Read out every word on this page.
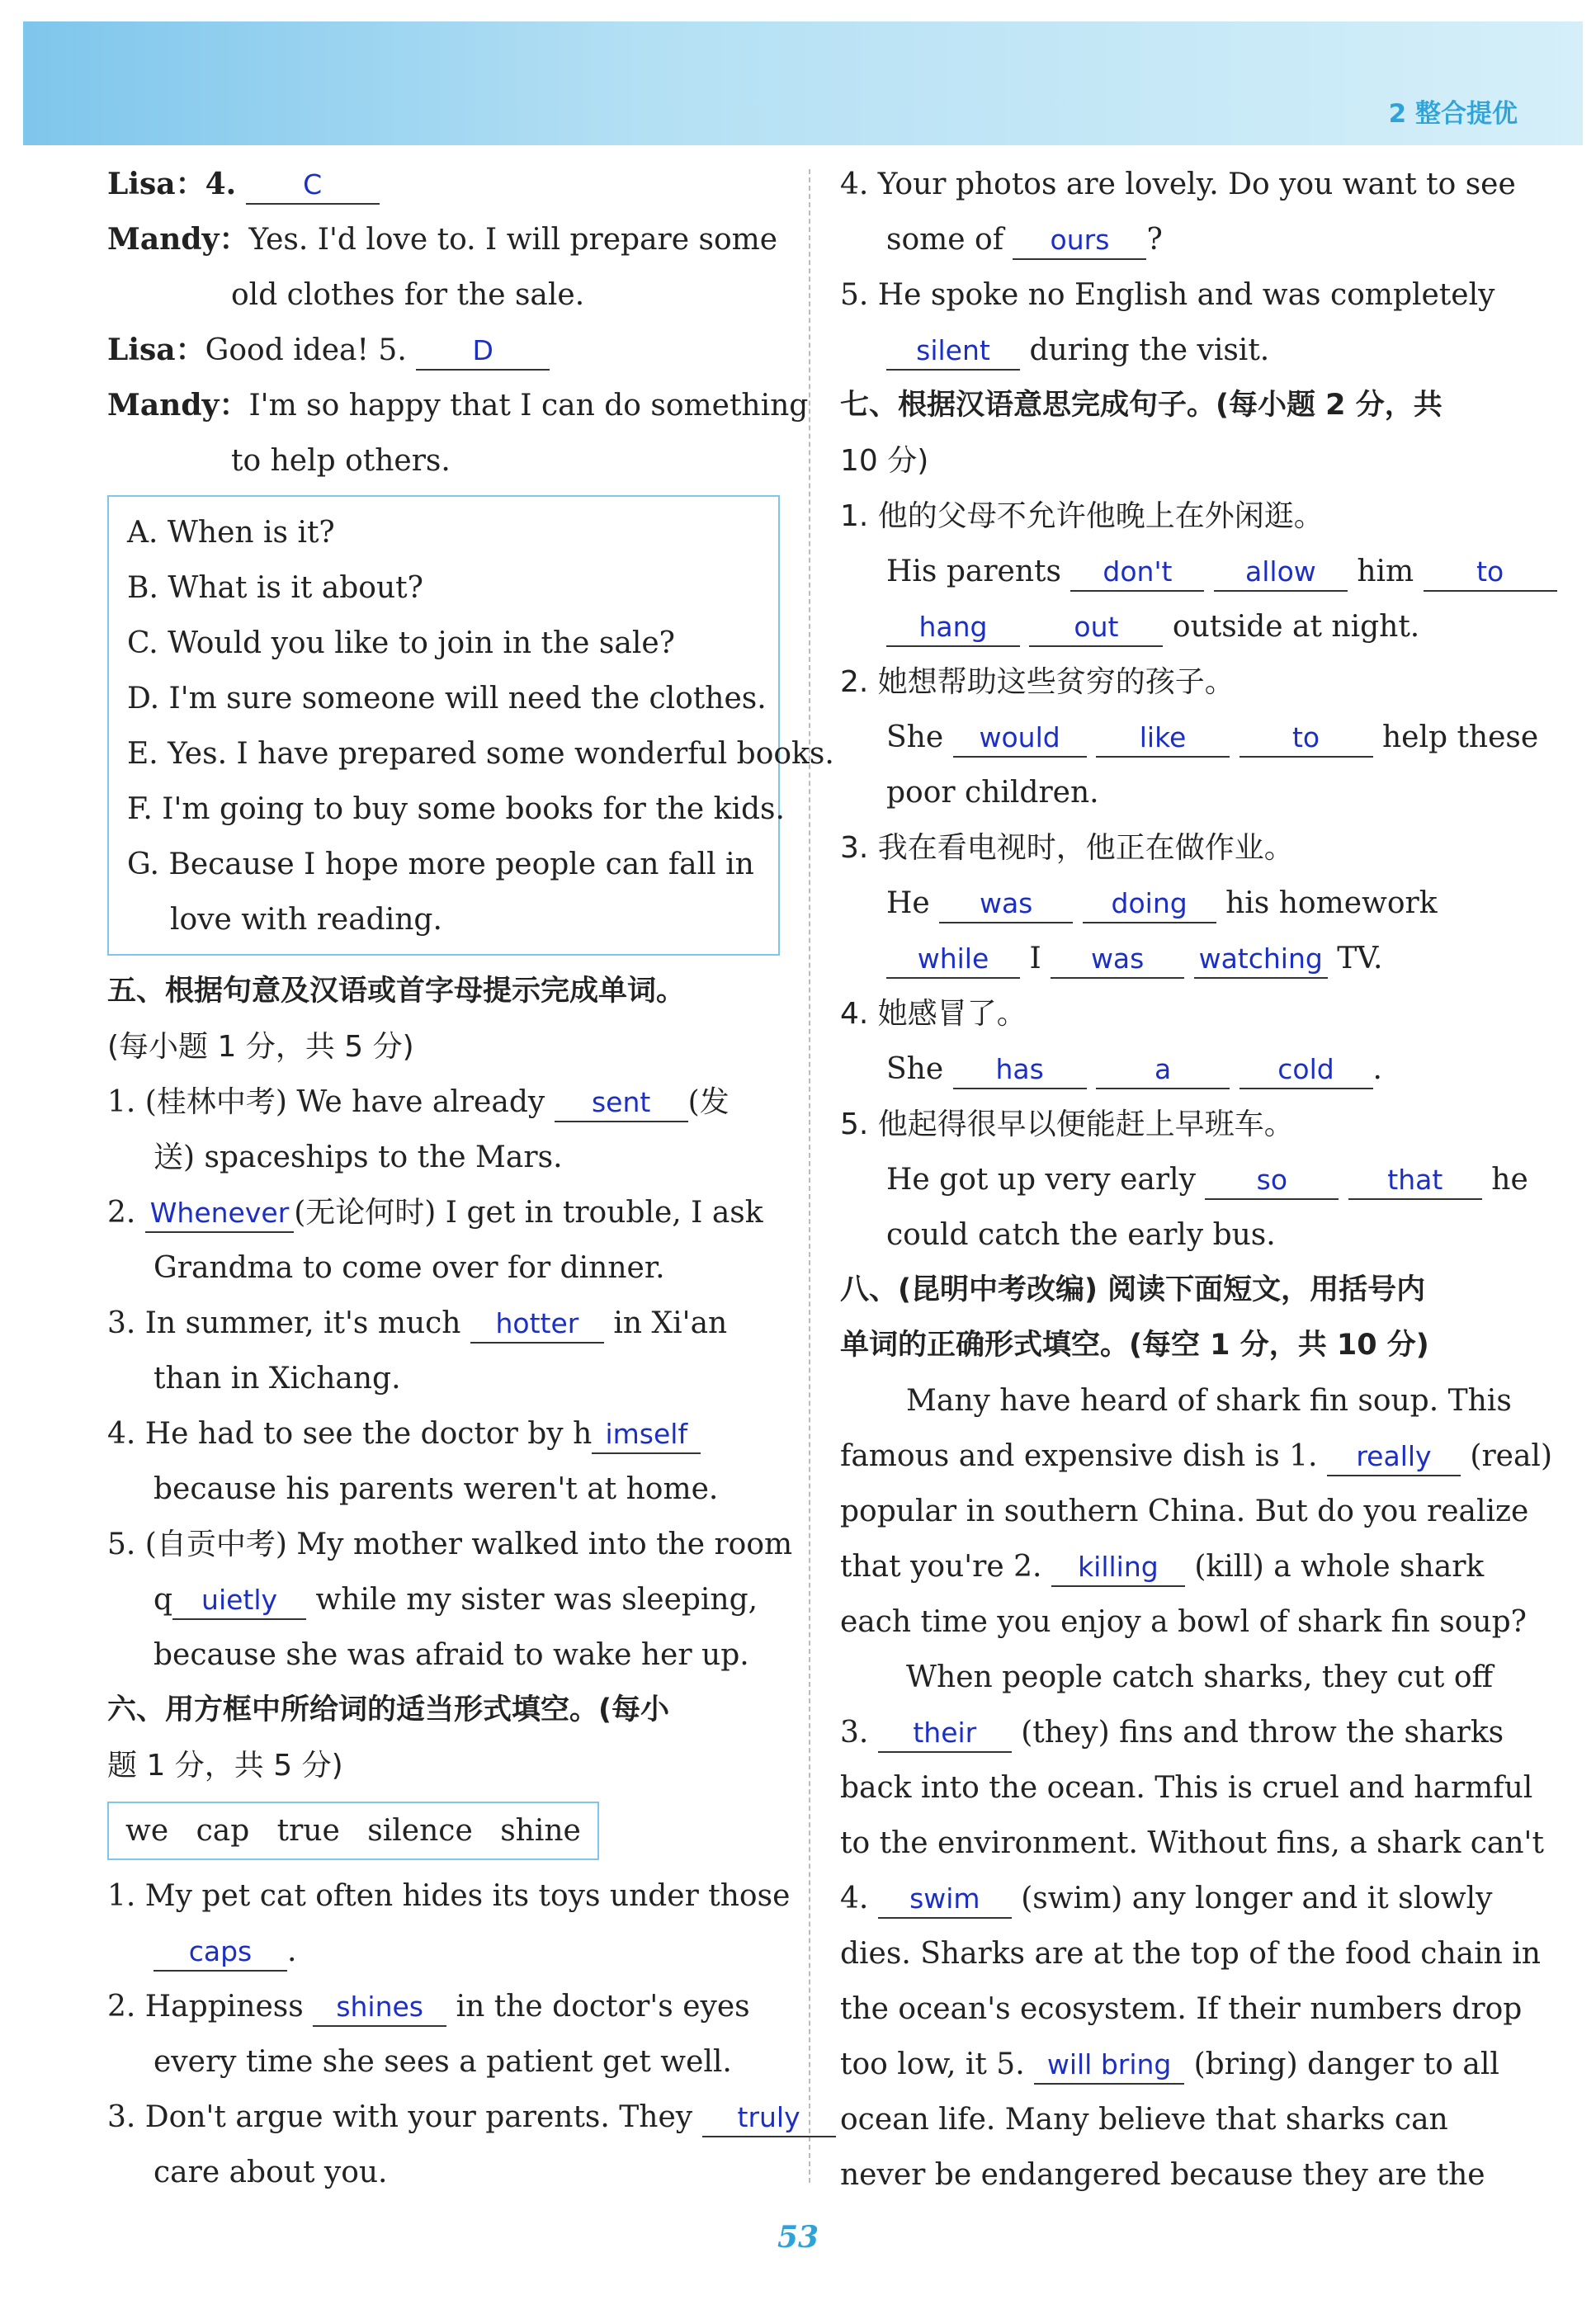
2 整合提优
Lisa：4. C
Mandy：Yes. I'd love to. I will prepare some
old clothes for the sale.
Lisa：Good idea! 5. D
Mandy：I'm so happy that I can do something
to help others.
A. When is it?
B. What is it about?
C. Would you like to join in the sale?
D. I'm sure someone will need the clothes.
E. Yes. I have prepared some wonderful books.
F. I'm going to buy some books for the kids.
G. Because I hope more people can fall in
love with reading.
五、根据句意及汉语或首字母提示完成单词。
(每小题 1 分，共 5 分)
1. (桂林中考) We have already sent (发
送) spaceships to the Mars.
2. Whenever (无论何时) I get in trouble, I ask
Grandma to come over for dinner.
3. In summer, it's much hotter in Xi'an
than in Xichang.
4. He had to see the doctor by h imself
because his parents weren't at home.
5. (自贡中考) My mother walked into the room
q uietly while my sister was sleeping,
because she was afraid to wake her up.
六、用方框中所给词的适当形式填空。(每小
题 1 分，共 5 分)
we cap true silence shine
1. My pet cat often hides its toys under those
caps .
2. Happiness shines in the doctor's eyes
every time she sees a patient get well.
3. Don't argue with your parents. They truly
care about you.
4. Your photos are lovely. Do you want to see
some of ours ?
5. He spoke no English and was completely
silent during the visit.
七、根据汉语意思完成句子。(每小题 2 分，共
10 分)
1. 他的父母不允许他晚上在外闲逛。
His parents don't	allow him to
hang	out outside at night.
2. 她想帮助这些贫穷的孩子。
She would	like	to help these
poor children.
3. 我在看电视时，他正在做作业。
He was	doing his homework
while I was watching TV.
4. 她感冒了。
She has	a	cold .
5. 他起得很早以便能赶上早班车。
He got up very early so	that he
could catch the early bus.
八、(昆明中考改编) 阅读下面短文，用括号内
单词的正确形式填空。(每空 1 分，共 10 分)
Many have heard of shark fin soup. This
famous and expensive dish is 1. really (real)
popular in southern China. But do you realize
that you're 2. killing (kill) a whole shark
each time you enjoy a bowl of shark fin soup?
When people catch sharks, they cut off
3. their (they) fins and throw the sharks
back into the ocean. This is cruel and harmful
to the environment. Without fins, a shark can't
4. swim (swim) any longer and it slowly
dies. Sharks are at the top of the food chain in
the ocean's ecosystem. If their numbers drop
too low, it 5. will bring (bring) danger to all
ocean life. Many believe that sharks can
never be endangered because they are the
53
